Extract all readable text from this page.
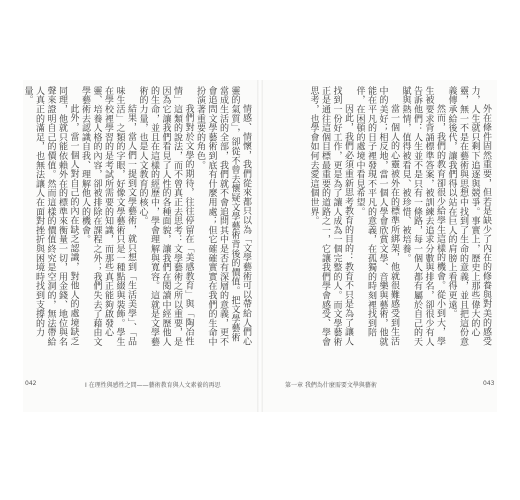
情感、情懷，我們從來都只以為「文學藝術可以帶給人們心靈的氣質」，卻從不曾去懷疑文學藝術背後的價值。把文學藝術當成生活的全部，我們就不會追問其中是否有深層的意義，更不會追問文學藝術到底有什麼用處；但它確確實實在我們的生命中扮演著重要的角色。

我們對於文學的期待，往往停留在「美感教育」與「陶冶性情」這類的說法，而不曾真正去思考：文學藝術之所以重要，是因為它讓我們看見了人性的各種面貌，讓我們在閱讀中經歷他人的生命，並且在這樣的經歷中，學會理解與寬容。這就是文學藝術的力量，也是人文教育的核心。

結果，當人們一提到文學藝術，就只想到「生活美學」、「品味生活」之類的字眼，好像文學藝術只是一種點綴與裝飾。學生在學校裡學習的是考試所需要的知識，而那些真正能夠啟發心靈、培養人格的內容，卻被排除在課程之外；我們失去了藉由文學藝術去認識自我、理解他人的機會。

此外，當一個人對自己的內在缺乏認識，對他人的處境缺乏同理，他就只能依賴外在的標準來衡量一切，用金錢、地位與名聲來證明自己的價值。然而這樣的價值終究是空洞的，無法帶給人真正的滿足，也無法讓人在面對挫折與困境時找到支撐的力量。

042	I 在理性與感性之間——藝術教育與人文素養的再思

外在條件固然重要，但若是缺少了內在的修養與對美的感受力，人生就只剩下追逐與競爭。事實上，歷史上那些偉大的心靈，無一不是在藝術與思想中找到了生命的意義，並且把這份意義傳承給後代，讓我們得以站在巨人的肩膀上看得更遠。

然而，我們的教育卻很少給學生這樣的機會。從小到大，學生被要求背誦標準答案，被訓練去追求分數與排名，卻很少有人告訴他們：人生並不是只有一條路，每一個人都有屬於自己的天賦與熱情，值得被看見、被珍惜、被培養。

當一個人的心靈被外在的標準所綁架，他就很難感受到生活中的美好；相反地，當一個人學會欣賞文學、音樂與藝術，他就能在平凡的日子裡發現不平凡的意義，在孤獨的時刻裡找到陪伴，在困頓的處境中看見希望。

因此，我們必須重新思考教育的目的：教育不只是為了讓人找到一份好工作，更是為了讓人成為一個完整的人。而文學藝術正是通往這個目標最重要的道路之一，它讓我們學會感受、學會思考，也學會如何去愛這個世界。

第一章 我們為什麼需要文學與藝術	043
